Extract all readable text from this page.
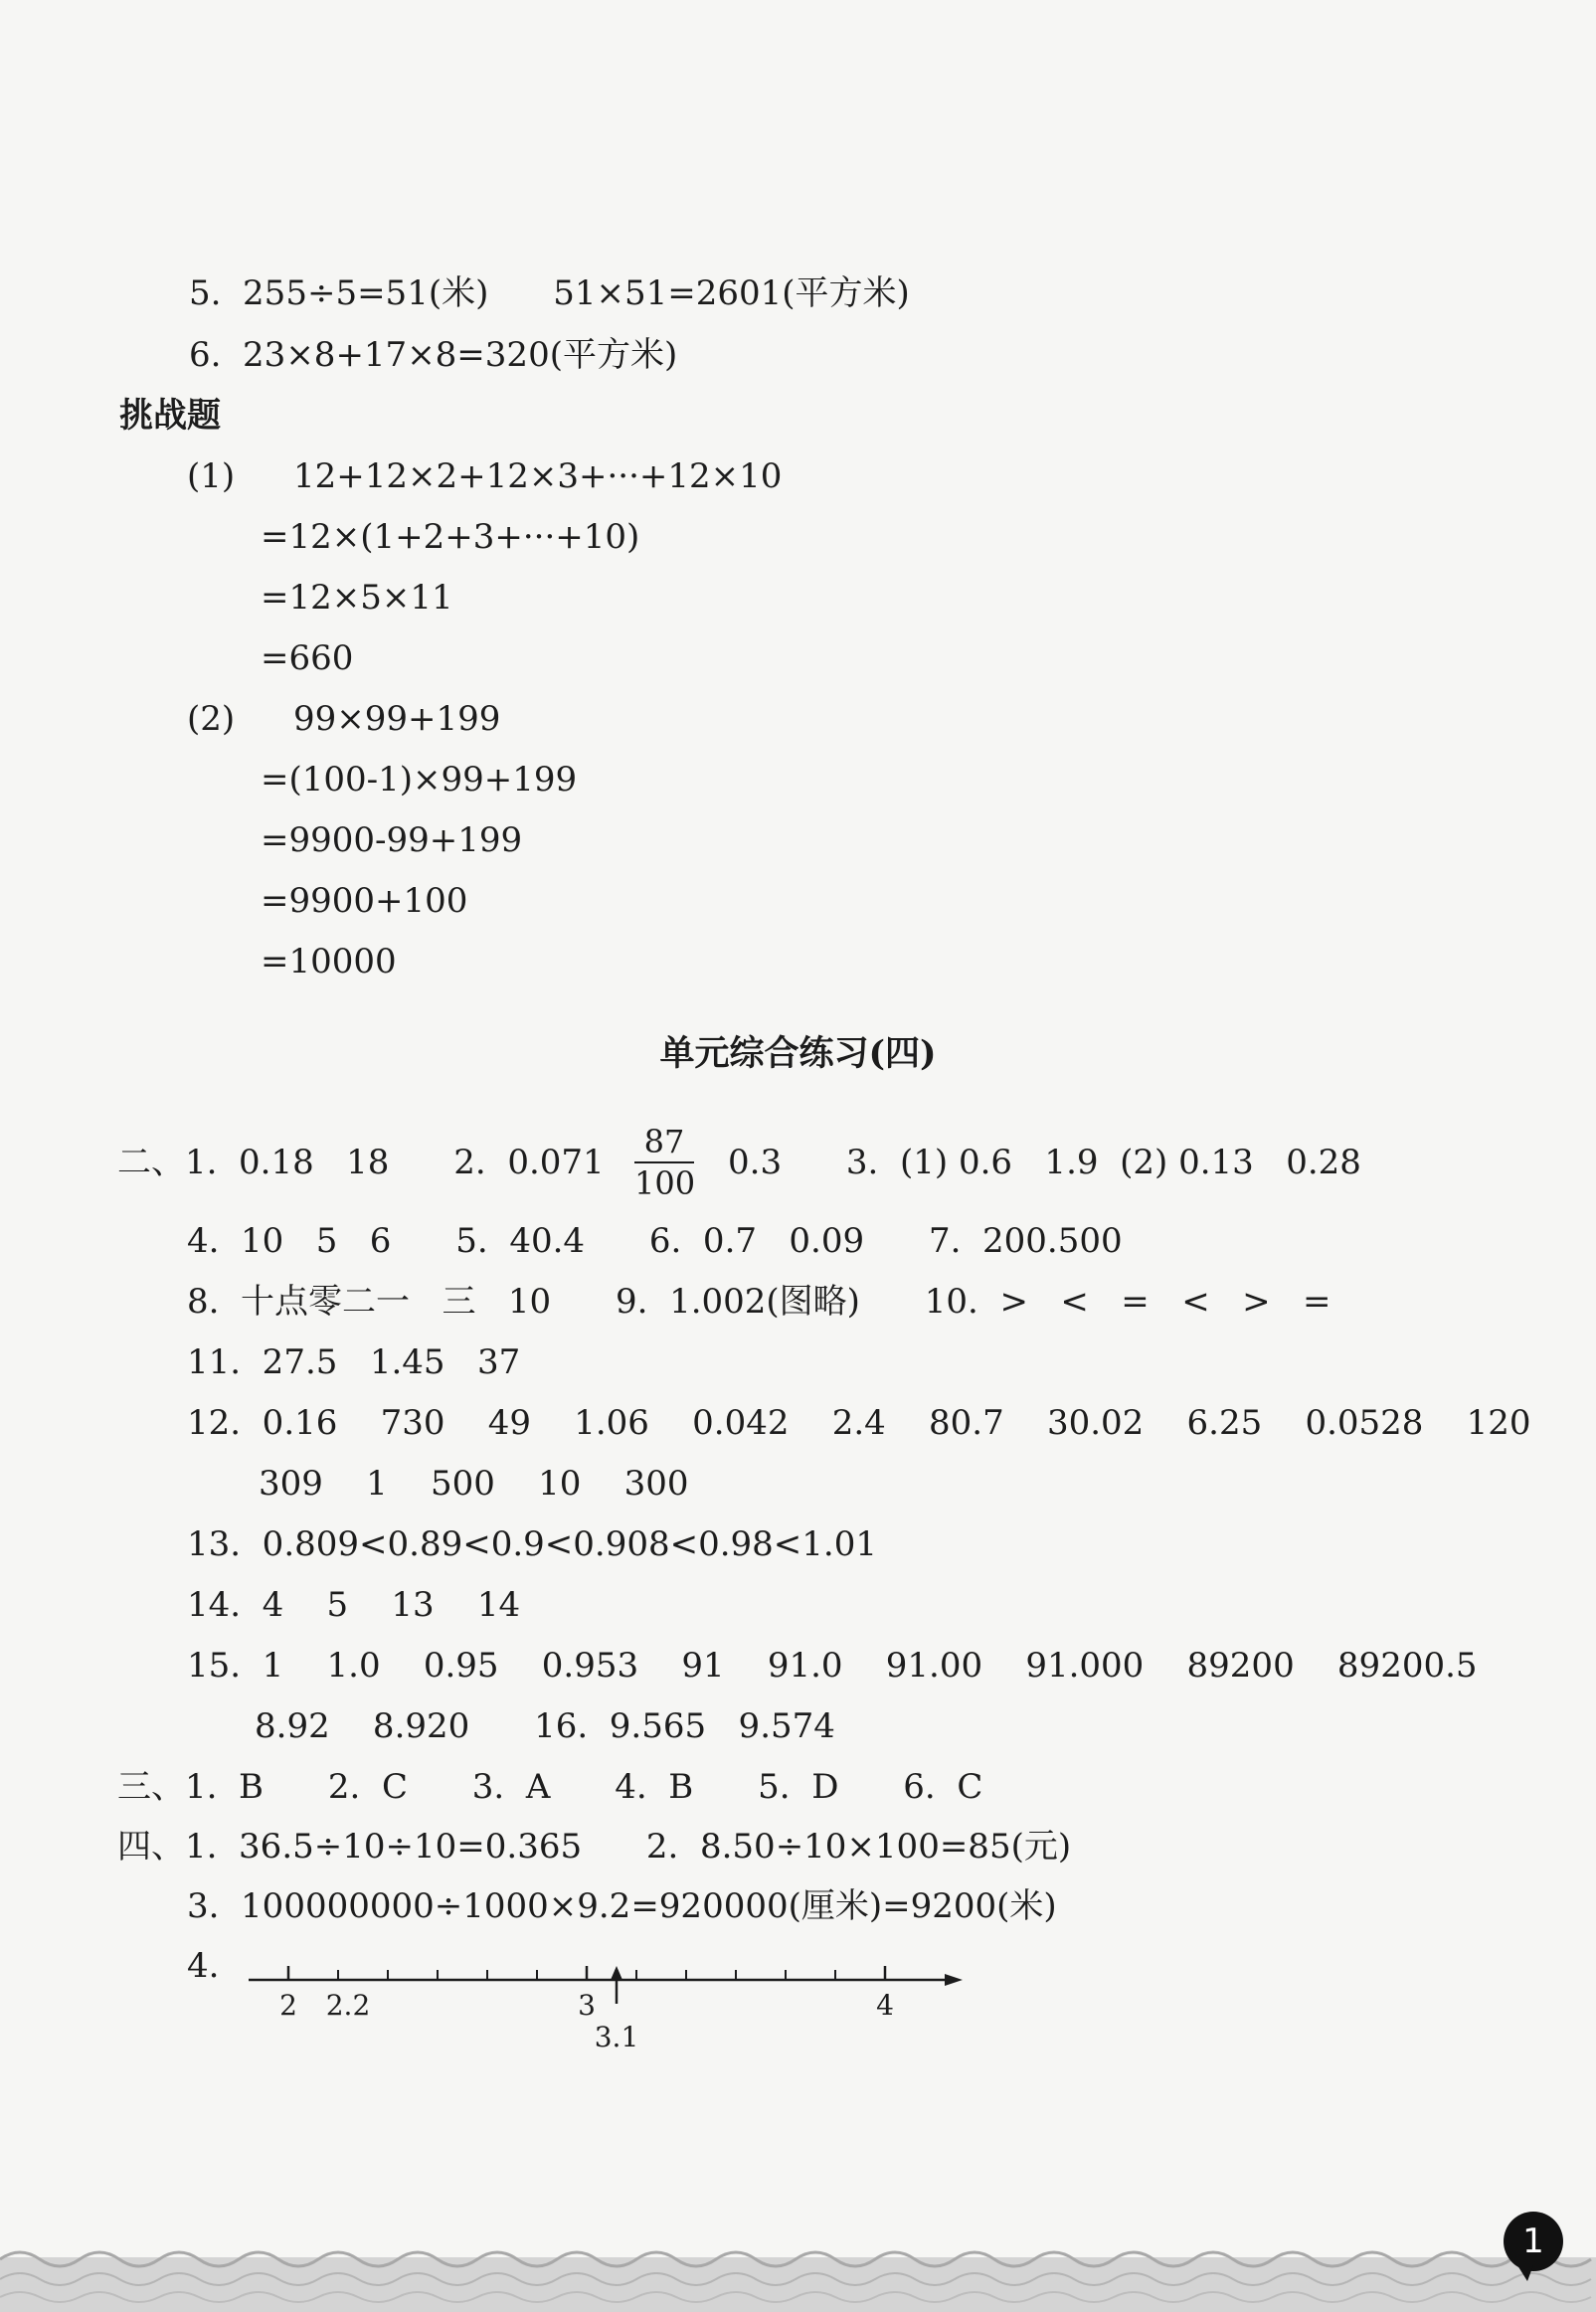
5.  255÷5=51(米)      51×51=2601(平方米)
6.  23×8+17×8=320(平方米)
挑战题
(1) 12+12×2+12×3+···+12×10
=12×(1+2+3+···+10)
=12×5×11
=660
(2) 99×99+199
=(100-1)×99+199
=9900-99+199
=9900+100
=10000
单元综合练习(四)
二、1.  0.18   18      2.  0.071
87
100
0.3      3.  (1) 0.6   1.9  (2) 0.13   0.28
4.  10   5   6      5.  40.4      6.  0.7   0.09      7.  200.500
8.  十点零二一   三   10      9.  1.002(图略)      10.  >   <   =   <   >   =
11.  27.5   1.45   37
12.  0.16    730    49    1.06    0.042    2.4    80.7    30.02    6.25    0.0528    120
309    1    500    10    300
13.  0.809<0.89<0.9<0.908<0.98<1.01
14.  4    5    13    14
15.  1    1.0    0.95    0.953    91    91.0    91.00    91.000    89200    89200.5
8.92    8.920      16.  9.565   9.574
三、1.  B      2.  C      3.  A      4.  B      5.  D      6.  C
四、1.  36.5÷10÷10=0.365      2.  8.50÷10×100=85(元)
3.  100000000÷1000×9.2=920000(厘米)=9200(米)
4.
2 2.2	3	4
3.1
1
